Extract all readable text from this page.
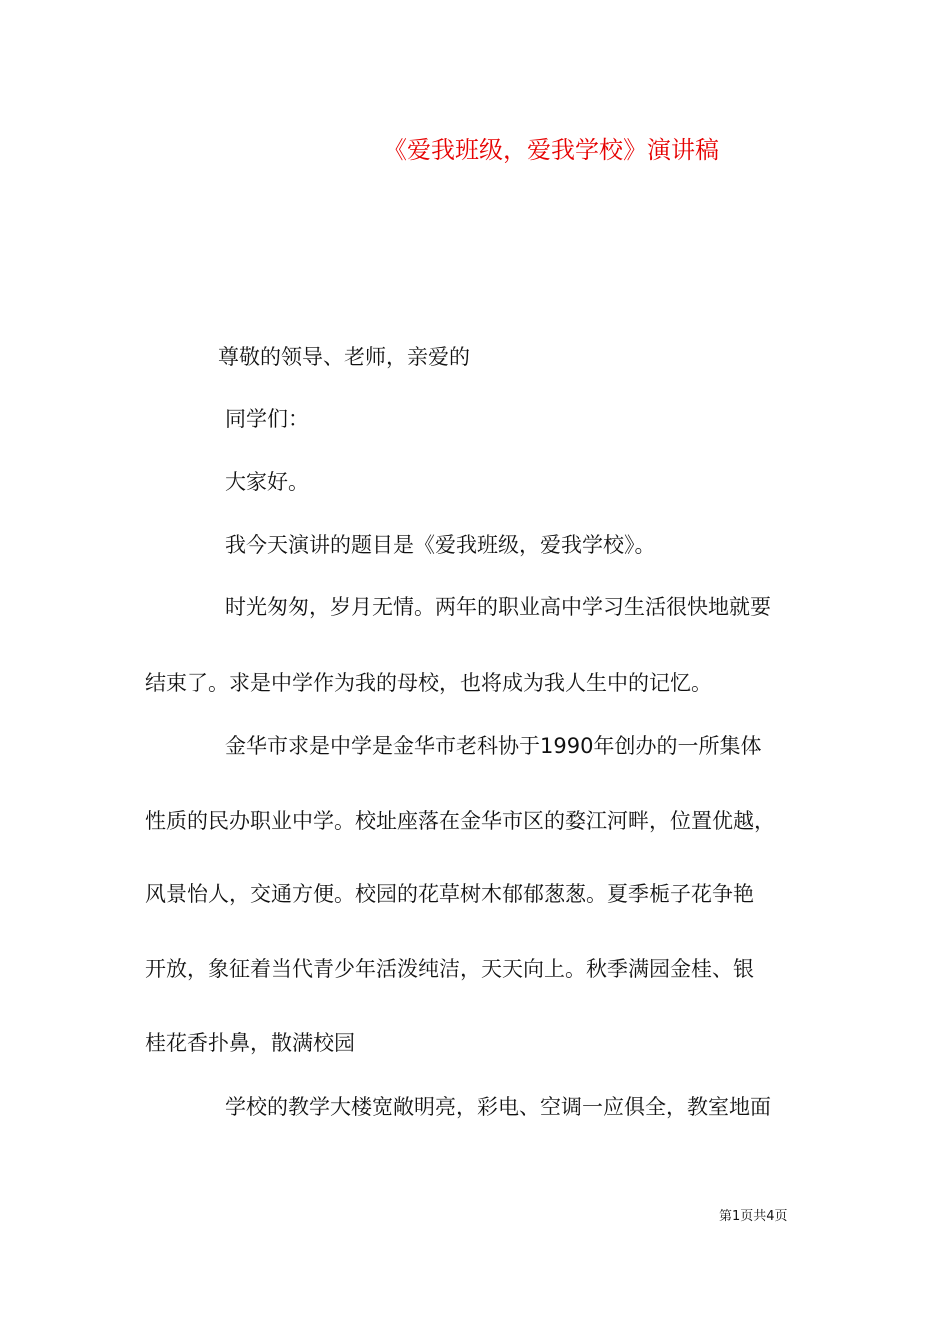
《爱我班级，爱我学校》演讲稿
尊敬的领导、老师，亲爱的
同学们：
大家好。
我今天演讲的题目是《爱我班级，爱我学校》。
时光匆匆，岁月无情。两年的职业高中学习生活很快地就要
结束了。求是中学作为我的母校，也将成为我人生中的记忆。
金华市求是中学是金华市老科协于1990年创办的一所集体
性质的民办职业中学。校址座落在金华市区的婺江河畔，位置优越，
风景怡人，交通方便。校园的花草树木郁郁葱葱。夏季栀子花争艳
开放，象征着当代青少年活泼纯洁，天天向上。秋季满园金桂、银
桂花香扑鼻，散满校园
学校的教学大楼宽敞明亮，彩电、空调一应俱全，教室地面
第1页共4页
